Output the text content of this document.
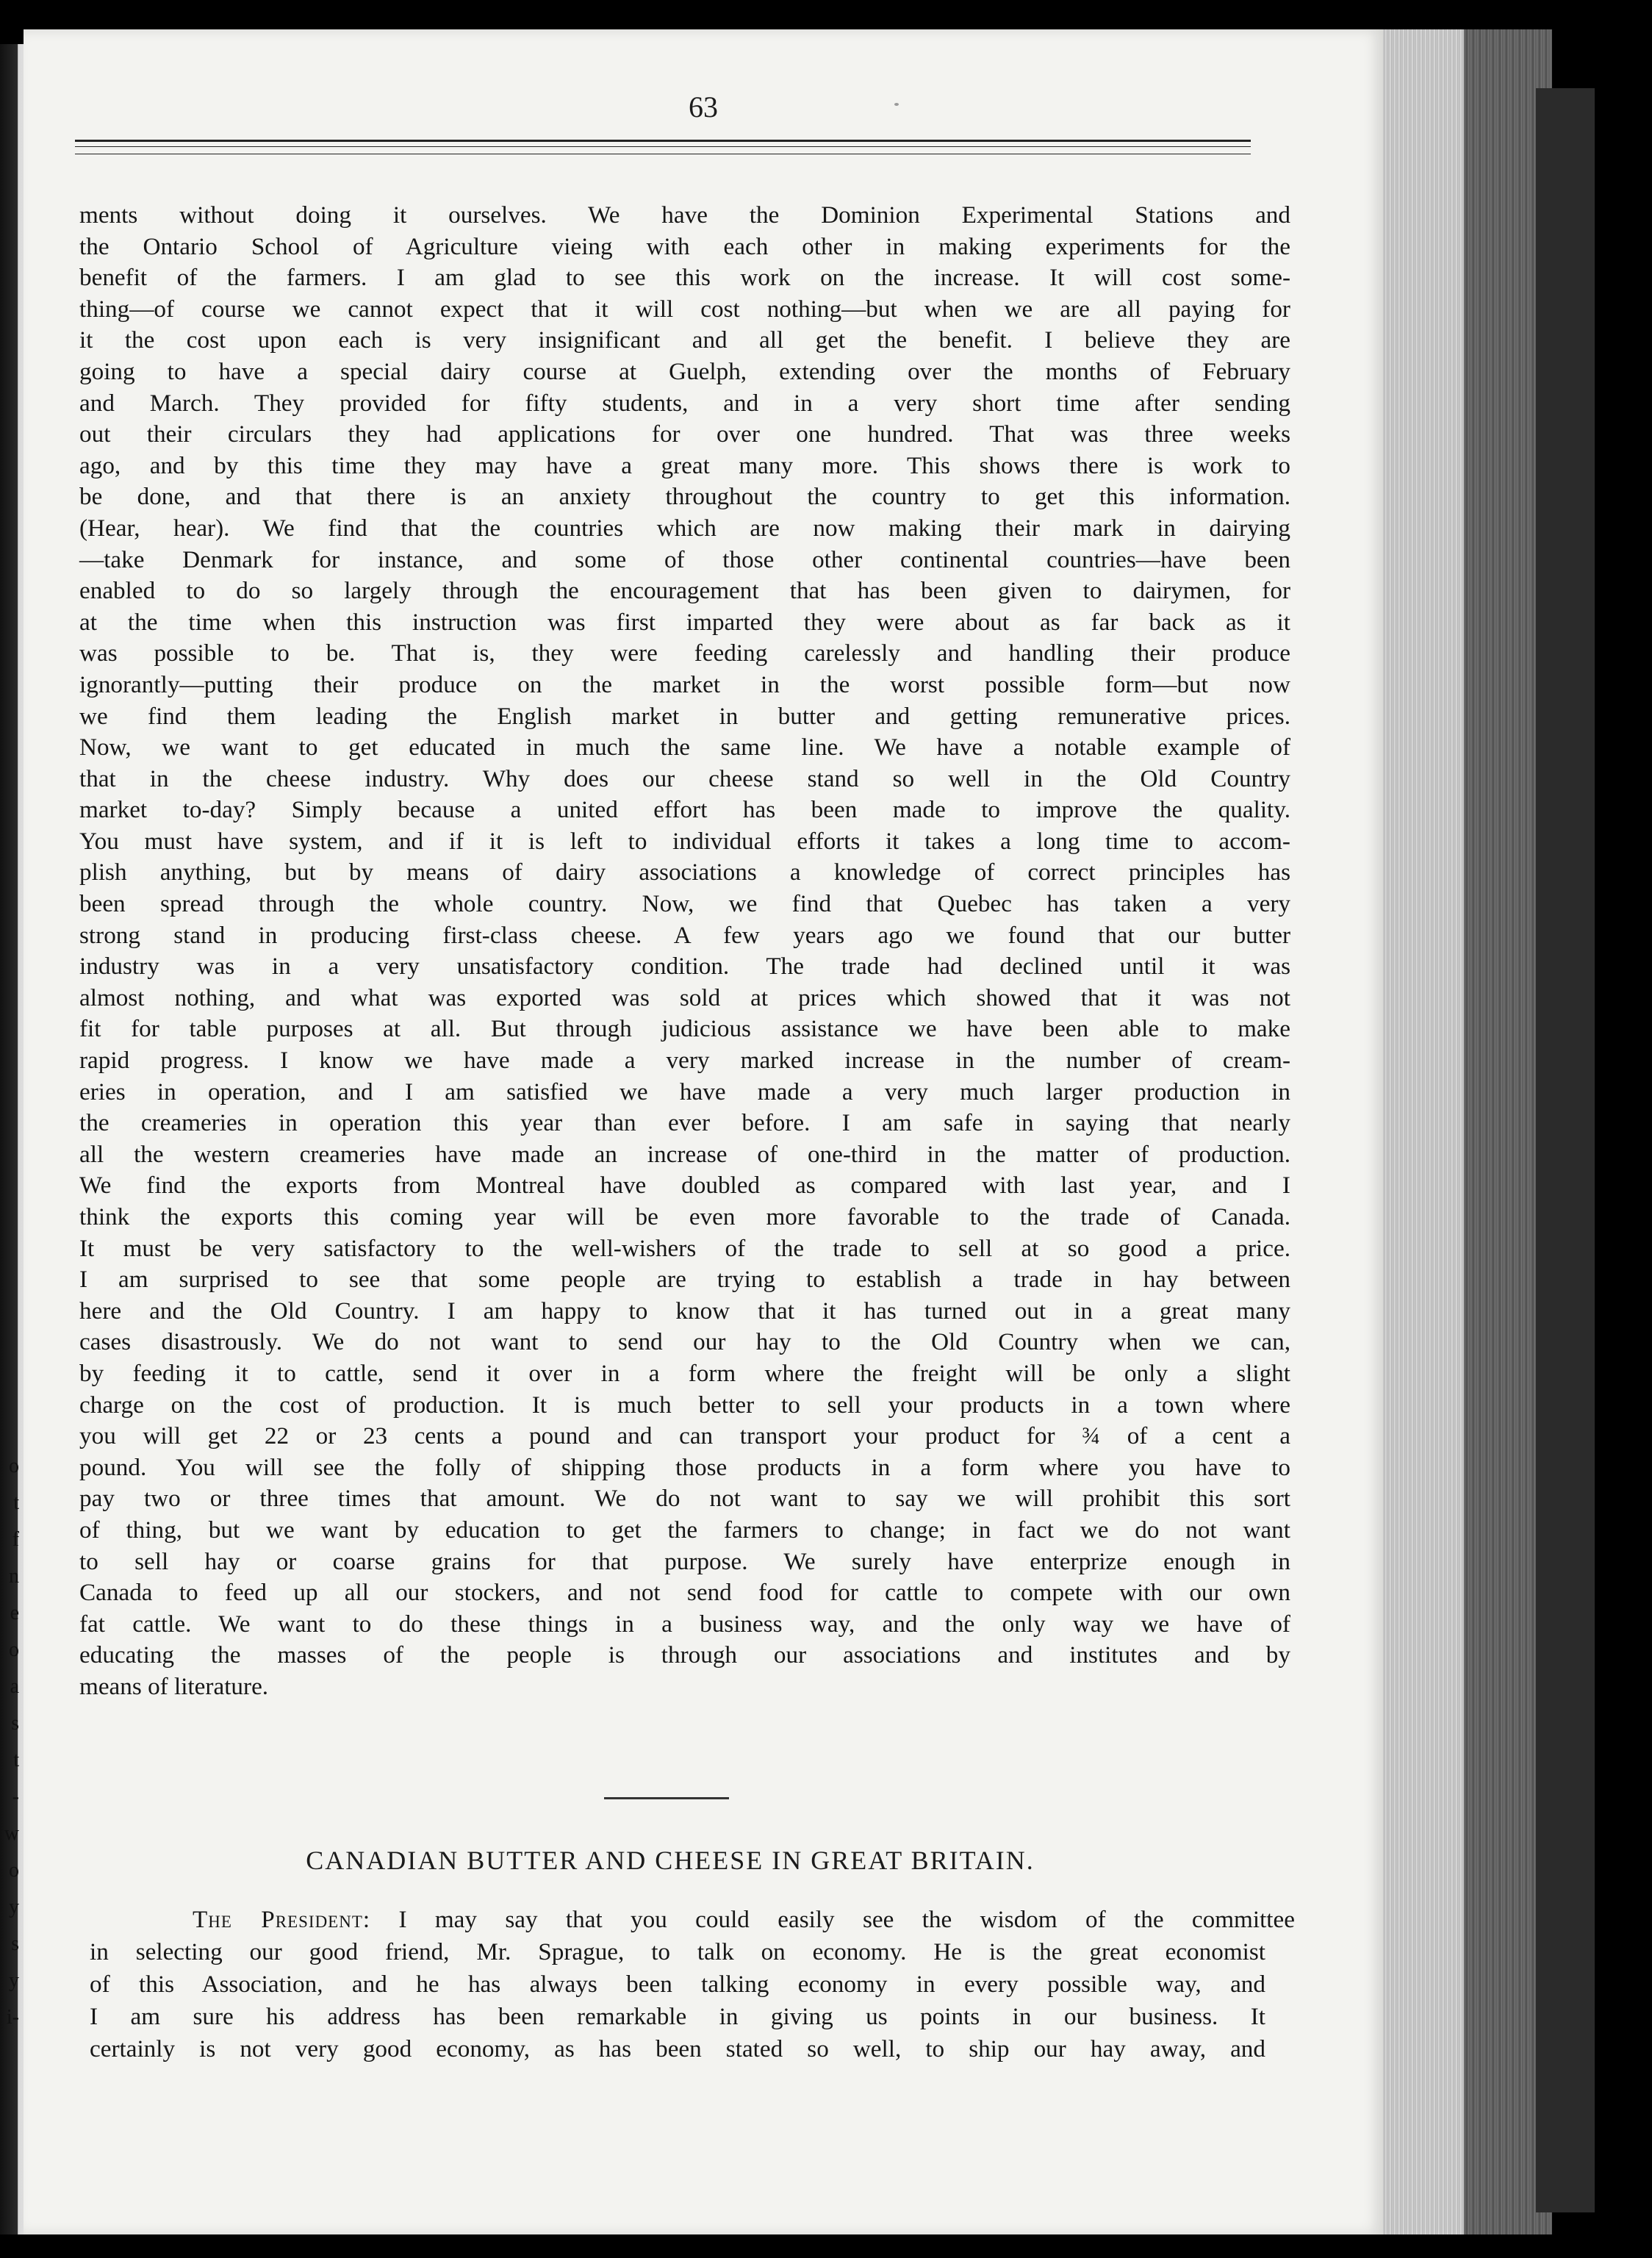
o
t
f
n
e
o
a
s
t
-
w
o
y
s
y
i-
63
ments without doing it ourselves. We have the Dominion Experimental Stations and
the Ontario School of Agriculture vieing with each other in making experiments for the
benefit of the farmers. I am glad to see this work on the increase. It will cost some-
thing—of course we cannot expect that it will cost nothing—but when we are all paying for
it the cost upon each is very insignificant and all get the benefit. I believe they are
going to have a special dairy course at Guelph, extending over the months of February
and March. They provided for fifty students, and in a very short time after sending
out their circulars they had applications for over one hundred. That was three weeks
ago, and by this time they may have a great many more. This shows there is work to
be done, and that there is an anxiety throughout the country to get this information.
(Hear, hear). We find that the countries which are now making their mark in dairying
—take Denmark for instance, and some of those other continental countries—have been
enabled to do so largely through the encouragement that has been given to dairymen, for
at the time when this instruction was first imparted they were about as far back as it
was possible to be. That is, they were feeding carelessly and handling their produce
ignorantly—putting their produce on the market in the worst possible form—but now
we find them leading the English market in butter and getting remunerative prices.
Now, we want to get educated in much the same line. We have a notable example of
that in the cheese industry. Why does our cheese stand so well in the Old Country
market to-day? Simply because a united effort has been made to improve the quality.
You must have system, and if it is left to individual efforts it takes a long time to accom-
plish anything, but by means of dairy associations a knowledge of correct principles has
been spread through the whole country. Now, we find that Quebec has taken a very
strong stand in producing first-class cheese. A few years ago we found that our butter
industry was in a very unsatisfactory condition. The trade had declined until it was
almost nothing, and what was exported was sold at prices which showed that it was not
fit for table purposes at all. But through judicious assistance we have been able to make
rapid progress. I know we have made a very marked increase in the number of cream-
eries in operation, and I am satisfied we have made a very much larger production in
the creameries in operation this year than ever before. I am safe in saying that nearly
all the western creameries have made an increase of one-third in the matter of production.
We find the exports from Montreal have doubled as compared with last year, and I
think the exports this coming year will be even more favorable to the trade of Canada.
It must be very satisfactory to the well-wishers of the trade to sell at so good a price.
I am surprised to see that some people are trying to establish a trade in hay between
here and the Old Country. I am happy to know that it has turned out in a great many
cases disastrously. We do not want to send our hay to the Old Country when we can,
by feeding it to cattle, send it over in a form where the freight will be only a slight
charge on the cost of production. It is much better to sell your products in a town where
you will get 22 or 23 cents a pound and can transport your product for ¾ of a cent a
pound. You will see the folly of shipping those products in a form where you have to
pay two or three times that amount. We do not want to say we will prohibit this sort
of thing, but we want by education to get the farmers to change; in fact we do not want
to sell hay or coarse grains for that purpose. We surely have enterprize enough in
Canada to feed up all our stockers, and not send food for cattle to compete with our own
fat cattle. We want to do these things in a business way, and the only way we have of
educating the masses of the people is through our associations and institutes and by
means of literature.
CANADIAN BUTTER AND CHEESE IN GREAT BRITAIN.
The President: I may say that you could easily see the wisdom of the committee
in selecting our good friend, Mr. Sprague, to talk on economy. He is the great economist
of this Association, and he has always been talking economy in every possible way, and
I am sure his address has been remarkable in giving us points in our business. It
certainly is not very good economy, as has been stated so well, to ship our hay away, and
